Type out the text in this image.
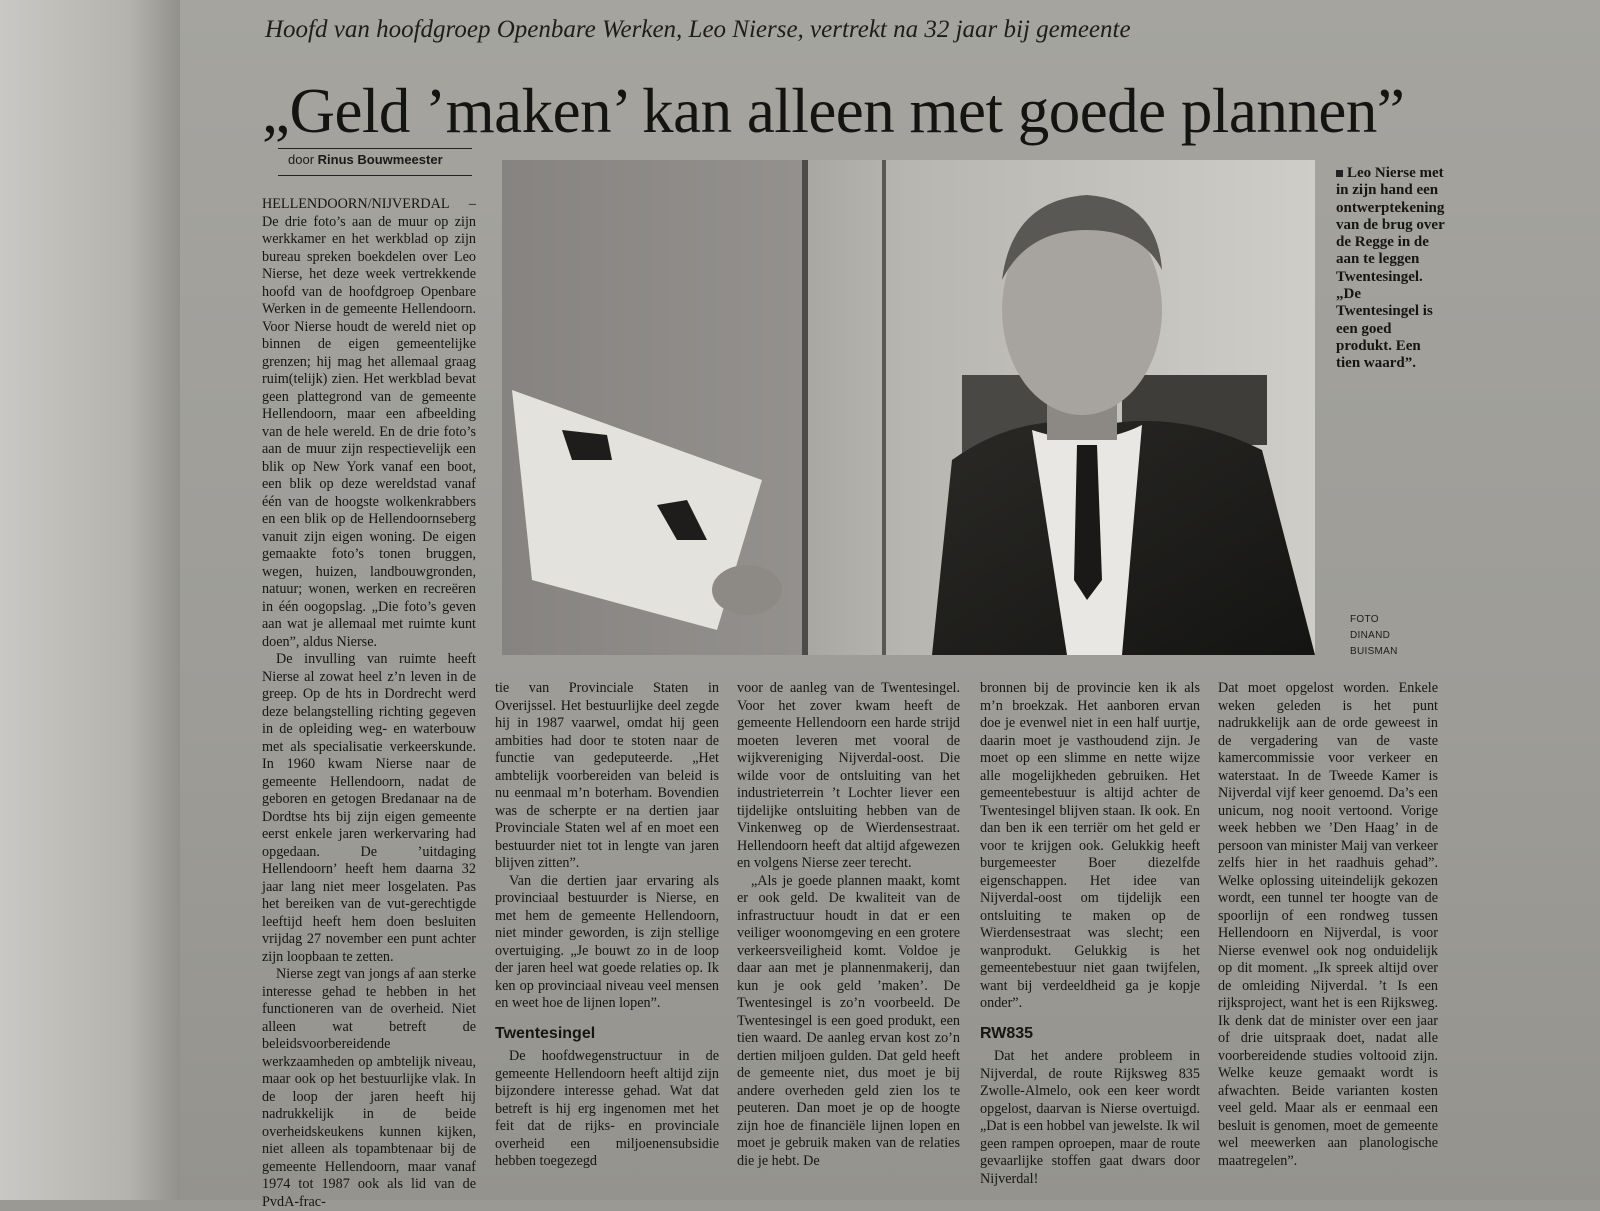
Hoofd van hoofdgroep Openbare Werken, Leo Nierse, vertrekt na 32 jaar bij gemeente
„Geld ’maken’ kan alleen met goede plannen”
door Rinus Bouwmeester

HELLENDOORN/NIJVERDAL – De drie foto’s aan de muur op zijn werkkamer en het werkblad op zijn bureau spreken boekdelen over Leo Nierse, het deze week vertrekkende hoofd van de hoofdgroep Openbare Werken in de gemeente Hellendoorn. Voor Nierse houdt de wereld niet op binnen de eigen gemeentelijke grenzen; hij mag het allemaal graag ruim(telijk) zien. Het werkblad bevat geen plattegrond van de gemeente Hellendoorn, maar een afbeelding van de hele wereld. En de drie foto’s aan de muur zijn respectievelijk een blik op New York vanaf een boot, een blik op deze wereldstad vanaf één van de hoogste wolkenkrabbers en een blik op de Hellendoornseberg vanuit zijn eigen woning. De eigen gemaakte foto’s tonen bruggen, wegen, huizen, landbouwgronden, natuur; wonen, werken en recreëren in één oogopslag. „Die foto’s geven aan wat je allemaal met ruimte kunt doen”, aldus Nierse.

De invulling van ruimte heeft Nierse al zowat heel z’n leven in de greep. Op de hts in Dordrecht werd deze belangstelling richting gegeven in de opleiding weg- en waterbouw met als specialisatie verkeerskunde. In 1960 kwam Nierse naar de gemeente Hellendoorn, nadat de geboren en getogen Bredanaar na de Dordtse hts bij zijn eigen gemeente eerst enkele jaren werkervaring had opgedaan. De ’uitdaging Hellendoorn’ heeft hem daarna 32 jaar lang niet meer losgelaten. Pas het bereiken van de vut-gerechtigde leeftijd heeft hem doen besluiten vrijdag 27 november een punt achter zijn loopbaan te zetten.

Nierse zegt van jongs af aan sterke interesse gehad te hebben in het functioneren van de overheid. Niet alleen wat betreft de beleidsvoorbereidende werkzaamheden op ambtelijk niveau, maar ook op het bestuurlijke vlak. In de loop der jaren heeft hij nadrukkelijk in de beide overheidskeukens kunnen kijken, niet alleen als topambtenaar bij de gemeente Hellendoorn, maar vanaf 1974 tot 1987 ook als lid van de PvdA-frac-

Leo Nierse met in zijn hand een ontwerptekening van de brug over de Regge in de aan te leggen Twentesingel. „De Twentesingel is een goed produkt. Een tien waard”.
FOTO
DINAND
BUISMAN

tie van Provinciale Staten in Overijssel. Het bestuurlijke deel zegde hij in 1987 vaarwel, omdat hij geen ambities had door te stoten naar de functie van gedeputeerde. „Het ambtelijk voorbereiden van beleid is nu eenmaal m’n boterham. Bovendien was de scherpte er na dertien jaar Provinciale Staten wel af en moet een bestuurder niet tot in lengte van jaren blijven zitten”.

Van die dertien jaar ervaring als provinciaal bestuurder is Nierse, en met hem de gemeente Hellendoorn, niet minder geworden, is zijn stellige overtuiging. „Je bouwt zo in de loop der jaren heel wat goede relaties op. Ik ken op provinciaal niveau veel mensen en weet hoe de lijnen lopen”.

Twentesingel

De hoofdwegenstructuur in de gemeente Hellendoorn heeft altijd zijn bijzondere interesse gehad. Wat dat betreft is hij erg ingenomen met het feit dat de rijks- en provinciale overheid een miljoenensubsidie hebben toegezegd

voor de aanleg van de Twentesingel. Voor het zover kwam heeft de gemeente Hellendoorn een harde strijd moeten leveren met vooral de wijkvereniging Nijverdal-oost. Die wilde voor de ontsluiting van het industrieterrein ’t Lochter liever een tijdelijke ontsluiting hebben van de Vinkenweg op de Wierdensestraat. Hellendoorn heeft dat altijd afgewezen en volgens Nierse zeer terecht.

„Als je goede plannen maakt, komt er ook geld. De kwaliteit van de infrastructuur houdt in dat er een veiliger woonomgeving en een grotere verkeersveiligheid komt. Voldoe je daar aan met je plannenmakerij, dan kun je ook geld ’maken’. De Twentesingel is zo’n voorbeeld. De Twentesingel is een goed produkt, een tien waard. De aanleg ervan kost zo’n dertien miljoen gulden. Dat geld heeft de gemeente niet, dus moet je bij andere overheden geld zien los te peuteren. Dan moet je op de hoogte zijn hoe de financiële lijnen lopen en moet je gebruik maken van de relaties die je hebt. De

bronnen bij de provincie ken ik als m’n broekzak. Het aanboren ervan doe je evenwel niet in een half uurtje, daarin moet je vasthoudend zijn. Je moet op een slimme en nette wijze alle mogelijkheden gebruiken. Het gemeentebestuur is altijd achter de Twentesingel blijven staan. Ik ook. En dan ben ik een terriër om het geld er voor te krijgen ook. Gelukkig heeft burgemeester Boer diezelfde eigenschappen. Het idee van Nijverdal-oost om tijdelijk een ontsluiting te maken op de Wierdensestraat was slecht; een wanprodukt. Gelukkig is het gemeentebestuur niet gaan twijfelen, want bij verdeeldheid ga je kopje onder”.

RW835

Dat het andere probleem in Nijverdal, de route Rijksweg 835 Zwolle-Almelo, ook een keer wordt opgelost, daarvan is Nierse overtuigd. „Dat is een hobbel van jewelste. Ik wil geen rampen oproepen, maar de route gevaarlijke stoffen gaat dwars door Nijverdal!

Dat moet opgelost worden. Enkele weken geleden is het punt nadrukkelijk aan de orde geweest in de vergadering van de vaste kamercommissie voor verkeer en waterstaat. In de Tweede Kamer is Nijverdal vijf keer genoemd. Da’s een unicum, nog nooit vertoond. Vorige week hebben we ’Den Haag’ in de persoon van minister Maij van verkeer zelfs hier in het raadhuis gehad”. Welke oplossing uiteindelijk gekozen wordt, een tunnel ter hoogte van de spoorlijn of een rondweg tussen Hellendoorn en Nijverdal, is voor Nierse evenwel ook nog onduidelijk op dit moment. „Ik spreek altijd over de omleiding Nijverdal. ’t Is een rijksproject, want het is een Rijksweg. Ik denk dat de minister over een jaar of drie uitspraak doet, nadat alle voorbereidende studies voltooid zijn. Welke keuze gemaakt wordt is afwachten. Beide varianten kosten veel geld. Maar als er eenmaal een besluit is genomen, moet de gemeente wel meewerken aan planologische maatregelen”.
